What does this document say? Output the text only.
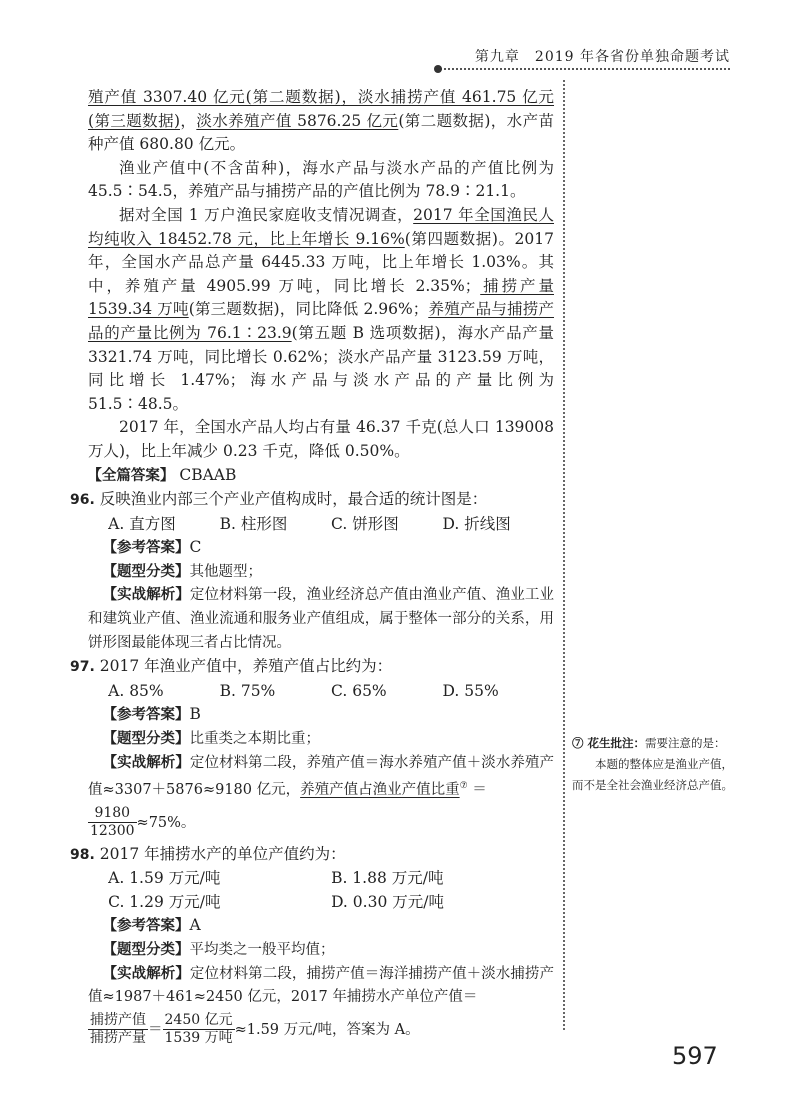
第九章　2019 年各省份单独命题考试

殖产值 3307.40 亿元(第二题数据)，淡水捕捞产值 461.75 亿元(第三题数据)，淡水养殖产值 5876.25 亿元(第二题数据)，水产苗种产值 680.80 亿元。

渔业产值中(不含苗种)，海水产品与淡水产品的产值比例为 45.5∶54.5，养殖产品与捕捞产品的产值比例为 78.9∶21.1。

据对全国 1 万户渔民家庭收支情况调查，2017 年全国渔民人均纯收入 18452.78 元，比上年增长 9.16%(第四题数据)。2017 年，全国水产品总产量 6445.33 万吨，比上年增长 1.03%。其中，养殖产量 4905.99 万吨，同比增长 2.35%；捕捞产量 1539.34 万吨(第三题数据)，同比降低 2.96%；养殖产品与捕捞产品的产量比例为 76.1∶23.9(第五题 B 选项数据)，海水产品产量 3321.74 万吨，同比增长 0.62%；淡水产品产量 3123.59 万吨，同比增长 1.47%；海水产品与淡水产品的产量比例为 51.5∶48.5。

2017 年，全国水产品人均占有量 46.37 千克(总人口 139008 万人)，比上年减少 0.23 千克，降低 0.50%。

【全篇答案】 CBAAB

96. 反映渔业内部三个产业产值构成时，最合适的统计图是：

A. 直方图	B. 柱形图	C. 饼形图	D. 折线图

【参考答案】C

【题型分类】其他题型；

【实战解析】定位材料第一段，渔业经济总产值由渔业产值、渔业工业和建筑业产值、渔业流通和服务业产值组成，属于整体一部分的关系，用饼形图最能体现三者占比情况。

97. 2017 年渔业产值中，养殖产值占比约为：

A. 85%	B. 75%	C. 65%	D. 55%

【参考答案】B

【题型分类】比重类之本期比重；

【实战解析】定位材料第二段，养殖产值＝海水养殖产值＋淡水养殖产值≈3307＋5876≈9180 亿元，养殖产值占渔业产值比重⑦ ＝

$\frac{9180}{12300} \approx 75\%$。

98. 2017 年捕捞水产的单位产值约为：

A. 1.59 万元/吨	B. 1.88 万元/吨
C. 1.29 万元/吨	D. 0.30 万元/吨

【参考答案】A

【题型分类】平均类之一般平均值；

【实战解析】定位材料第二段，捕捞产值＝海洋捕捞产值＋淡水捕捞产值≈1987＋461≈2450 亿元，2017 年捕捞水产单位产值＝

$\frac{\text{捕捞产值}}{\text{捕捞产量}} = \frac{\text{2450 亿元}}{\text{1539 万吨}} \approx 1.59$ 万元/吨，答案为 A。

⑦ 花生批注：需要注意的是：

本题的整体应是渔业产值，而不是全社会渔业经济总产值。

597
